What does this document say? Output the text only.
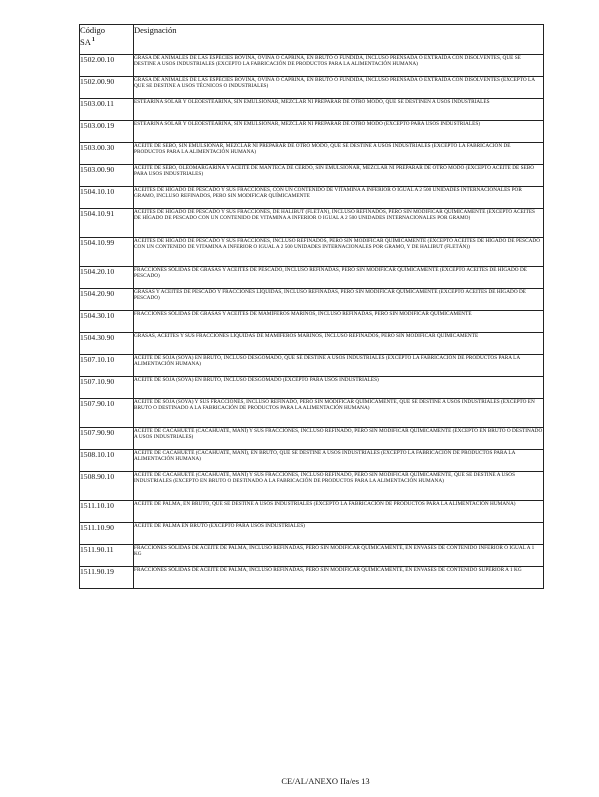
Código
$SA^1$	Designación
1502.00.10	GRASA DE ANIMALES DE LAS ESPECIES BOVINA, OVINA O CAPRINA, EN BRUTO O FUNDIDA, INCLUSO PRENSADA O EXTRAÍDA CON DISOLVENTES, QUE SE DESTINE A USOS INDUSTRIALES (EXCEPTO LA FABRICACIÓN DE PRODUCTOS PARA LA ALIMENTACIÓN HUMANA)
1502.00.90	GRASA DE ANIMALES DE LAS ESPECIES BOVINA, OVINA O CAPRINA, EN BRUTO O FUNDIDA, INCLUSO PRENSADA O EXTRAÍDA CON DISOLVENTES (EXCEPTO LA QUE SE DESTINE A USOS TÉCNICOS O INDUSTRIALES)
1503.00.11	ESTEARINA SOLAR Y OLEOESTEARINA, SIN EMULSIONAR, MEZCLAR NI PREPARAR DE OTRO MODO, QUE SE DESTINEN A USOS INDUSTRIALES
1503.00.19	ESTEARINA SOLAR Y OLEOESTEARINA, SIN EMULSIONAR, MEZCLAR NI PREPARAR DE OTRO MODO (EXCEPTO PARA USOS INDUSTRIALES)
1503.00.30	ACEITE DE SEBO, SIN EMULSIONAR, MEZCLAR NI PREPARAR DE OTRO MODO, QUE SE DESTINE A USOS INDUSTRIALES (EXCEPTO LA FABRICACIÓN DE PRODUCTOS PARA LA ALIMENTACIÓN HUMANA)
1503.00.90	ACEITE DE SEBO, OLEOMARGARINA Y ACEITE DE MANTECA DE CERDO, SIN EMULSIONAR, MEZCLAR NI PREPARAR DE OTRO MODO (EXCEPTO ACEITE DE SEBO PARA USOS INDUSTRIALES)
1504.10.10	ACEITES DE HÍGADO DE PESCADO Y SUS FRACCIONES, CON UN CONTENIDO DE VITAMINA A INFERIOR O IGUAL A 2 500 UNIDADES INTERNACIONALES POR GRAMO, INCLUSO REFINADOS, PERO SIN MODIFICAR QUÍMICAMENTE
1504.10.91	ACEITES DE HÍGADO DE PESCADO Y SUS FRACCIONES, DE HALIBUT (FLETÁN), INCLUSO REFINADOS, PERO SIN MODIFICAR QUÍMICAMENTE (EXCEPTO ACEITES DE HÍGADO DE PESCADO CON UN CONTENIDO DE VITAMINA A INFERIOR O IGUAL A 2 500 UNIDADES INTERNACIONALES POR GRAMO)
1504.10.99	ACEITES DE HÍGADO DE PESCADO Y SUS FRACCIONES, INCLUSO REFINADOS, PERO SIN MODIFICAR QUÍMICAMENTE (EXCEPTO ACEITES DE HÍGADO DE PESCADO CON UN CONTENIDO DE VITAMINA A INFERIOR O IGUAL A 2 500 UNIDADES INTERNACIONALES POR GRAMO, Y DE HALIBUT (FLETÁN))
1504.20.10	FRACCIONES SÓLIDAS DE GRASAS Y ACEITES DE PESCADO, INCLUSO REFINADAS, PERO SIN MODIFICAR QUÍMICAMENTE (EXCEPTO ACEITES DE HÍGADO DE PESCADO)
1504.20.90	GRASAS Y ACEITES DE PESCADO Y FRACCIONES LÍQUIDAS, INCLUSO REFINADAS, PERO SIN MODIFICAR QUÍMICAMENTE (EXCEPTO ACEITES DE HÍGADO DE PESCADO)
1504.30.10	FRACCIONES SÓLIDAS DE GRASAS Y ACEITES DE MAMÍFEROS MARINOS, INCLUSO REFINADAS, PERO SIN MODIFICAR QUÍMICAMENTE
1504.30.90	GRASAS, ACEITES Y SUS FRACCIONES LÍQUIDAS DE MAMÍFEROS MARINOS, INCLUSO REFINADOS, PERO SIN MODIFICAR QUÍMICAMENTE
1507.10.10	ACEITE DE SOJA (SOYA) EN BRUTO, INCLUSO DESGOMADO, QUE SE DESTINE A USOS INDUSTRIALES (EXCEPTO LA FABRICACIÓN DE PRODUCTOS PARA LA ALIMENTACIÓN HUMANA)
1507.10.90	ACEITE DE SOJA (SOYA) EN BRUTO, INCLUSO DESGOMADO (EXCEPTO PARA USOS INDUSTRIALES)
1507.90.10	ACEITE DE SOJA (SOYA) Y SUS FRACCIONES, INCLUSO REFINADO, PERO SIN MODIFICAR QUÍMICAMENTE, QUE SE DESTINE A USOS INDUSTRIALES (EXCEPTO EN BRUTO O DESTINADO A LA FABRICACIÓN DE PRODUCTOS PARA LA ALIMENTACIÓN HUMANA)
1507.90.90	ACEITE DE CACAHUETE (CACAHUATE, MANÍ) Y SUS FRACCIONES, INCLUSO REFINADO, PERO SIN MODIFICAR QUÍMICAMENTE (EXCEPTO EN BRUTO O DESTINADO A USOS INDUSTRIALES)
1508.10.10	ACEITE DE CACAHUETE (CACAHUATE, MANÍ), EN BRUTO, QUE SE DESTINE A USOS INDUSTRIALES (EXCEPTO LA FABRICACIÓN DE PRODUCTOS PARA LA ALIMENTACIÓN HUMANA)
1508.90.10	ACEITE DE CACAHUETE (CACAHUATE, MANÍ) Y SUS FRACCIONES, INCLUSO REFINADO, PERO SIN MODIFICAR QUÍMICAMENTE, QUE SE DESTINE A USOS INDUSTRIALES (EXCEPTO EN BRUTO O DESTINADO A LA FABRICACIÓN DE PRODUCTOS PARA LA ALIMENTACIÓN HUMANA)
1511.10.10	ACEITE DE PALMA, EN BRUTO, QUE SE DESTINE A USOS INDUSTRIALES (EXCEPTO LA FABRICACIÓN DE PRODUCTOS PARA LA ALIMENTACIÓN HUMANA)
1511.10.90	ACEITE DE PALMA EN BRUTO (EXCEPTO PARA USOS INDUSTRIALES)
1511.90.11	FRACCIONES SÓLIDAS DE ACEITE DE PALMA, INCLUSO REFINADAS, PERO SIN MODIFICAR QUÍMICAMENTE, EN ENVASES DE CONTENIDO INFERIOR O IGUAL A 1 KG
1511.90.19	FRACCIONES SÓLIDAS DE ACEITE DE PALMA, INCLUSO REFINADAS, PERO SIN MODIFICAR QUÍMICAMENTE, EN ENVASES DE CONTENIDO SUPERIOR A 1 KG
CE/AL/ANEXO IIa/es 13
